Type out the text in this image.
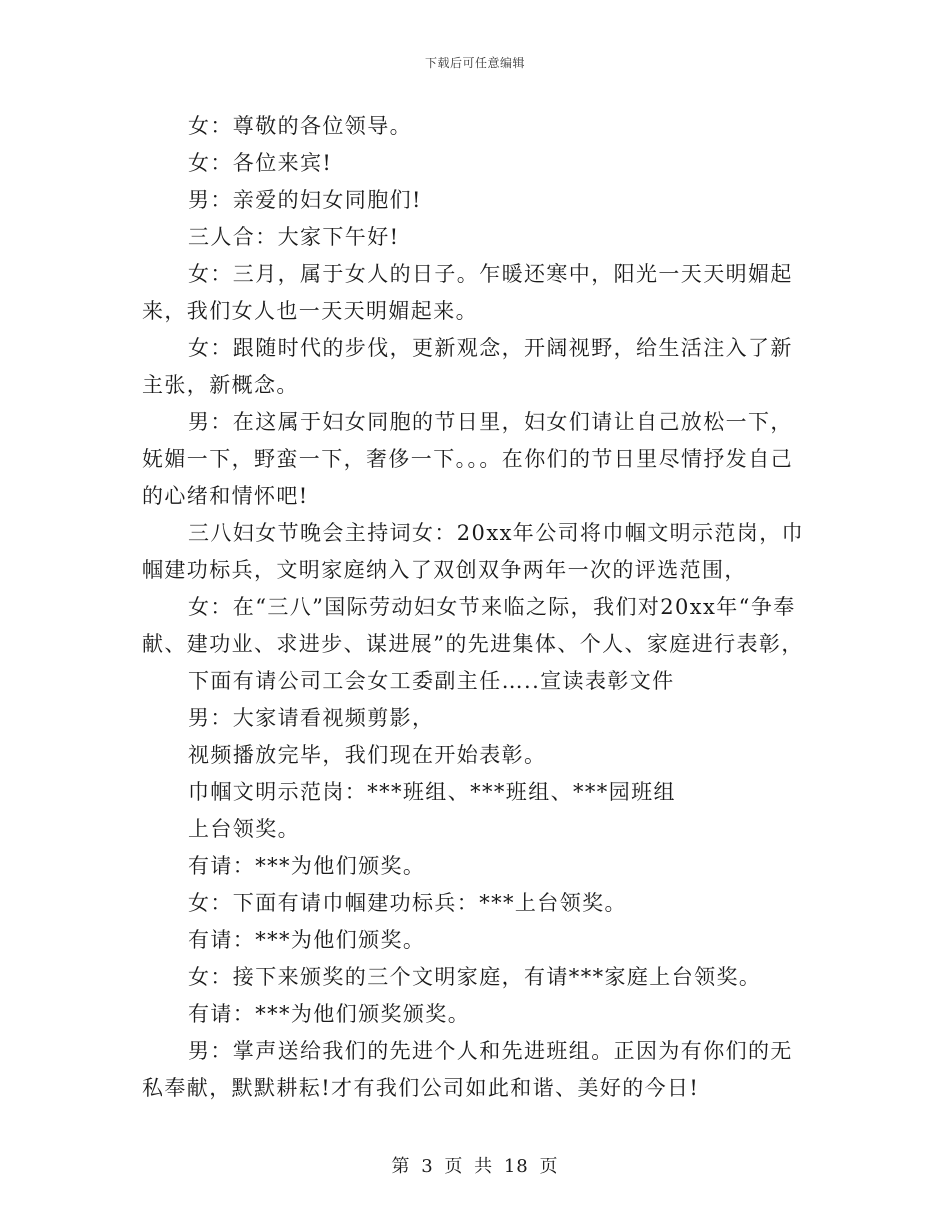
下载后可任意编辑

女：尊敬的各位领导。

女：各位来宾!

男：亲爱的妇女同胞们!

三人合：大家下午好!

女：三月，属于女人的日子。乍暖还寒中，阳光一天天明媚起来，我们女人也一天天明媚起来。

女：跟随时代的步伐，更新观念，开阔视野，给生活注入了新主张，新概念。

男：在这属于妇女同胞的节日里，妇女们请让自己放松一下，妩媚一下，野蛮一下，奢侈一下。。。在你们的节日里尽情抒发自己的心绪和情怀吧!

三八妇女节晚会主持词女：20xx年公司将巾帼文明示范岗，巾帼建功标兵，文明家庭纳入了双创双争两年一次的评选范围，

女：在“三八”国际劳动妇女节来临之际，我们对20xx年“争奉献、建功业、求进步、谋进展”的先进集体、个人、家庭进行表彰，

下面有请公司工会女工委副主任…..宣读表彰文件

男：大家请看视频剪影，

视频播放完毕，我们现在开始表彰。

巾帼文明示范岗：***班组、***班组、***园班组

上台领奖。

有请：***为他们颁奖。

女：下面有请巾帼建功标兵：***上台领奖。

有请：***为他们颁奖。

女：接下来颁奖的三个文明家庭，有请***家庭上台领奖。

有请：***为他们颁奖颁奖。

男：掌声送给我们的先进个人和先进班组。正因为有你们的无私奉献，默默耕耘!才有我们公司如此和谐、美好的今日!

第 3 页 共 18 页
